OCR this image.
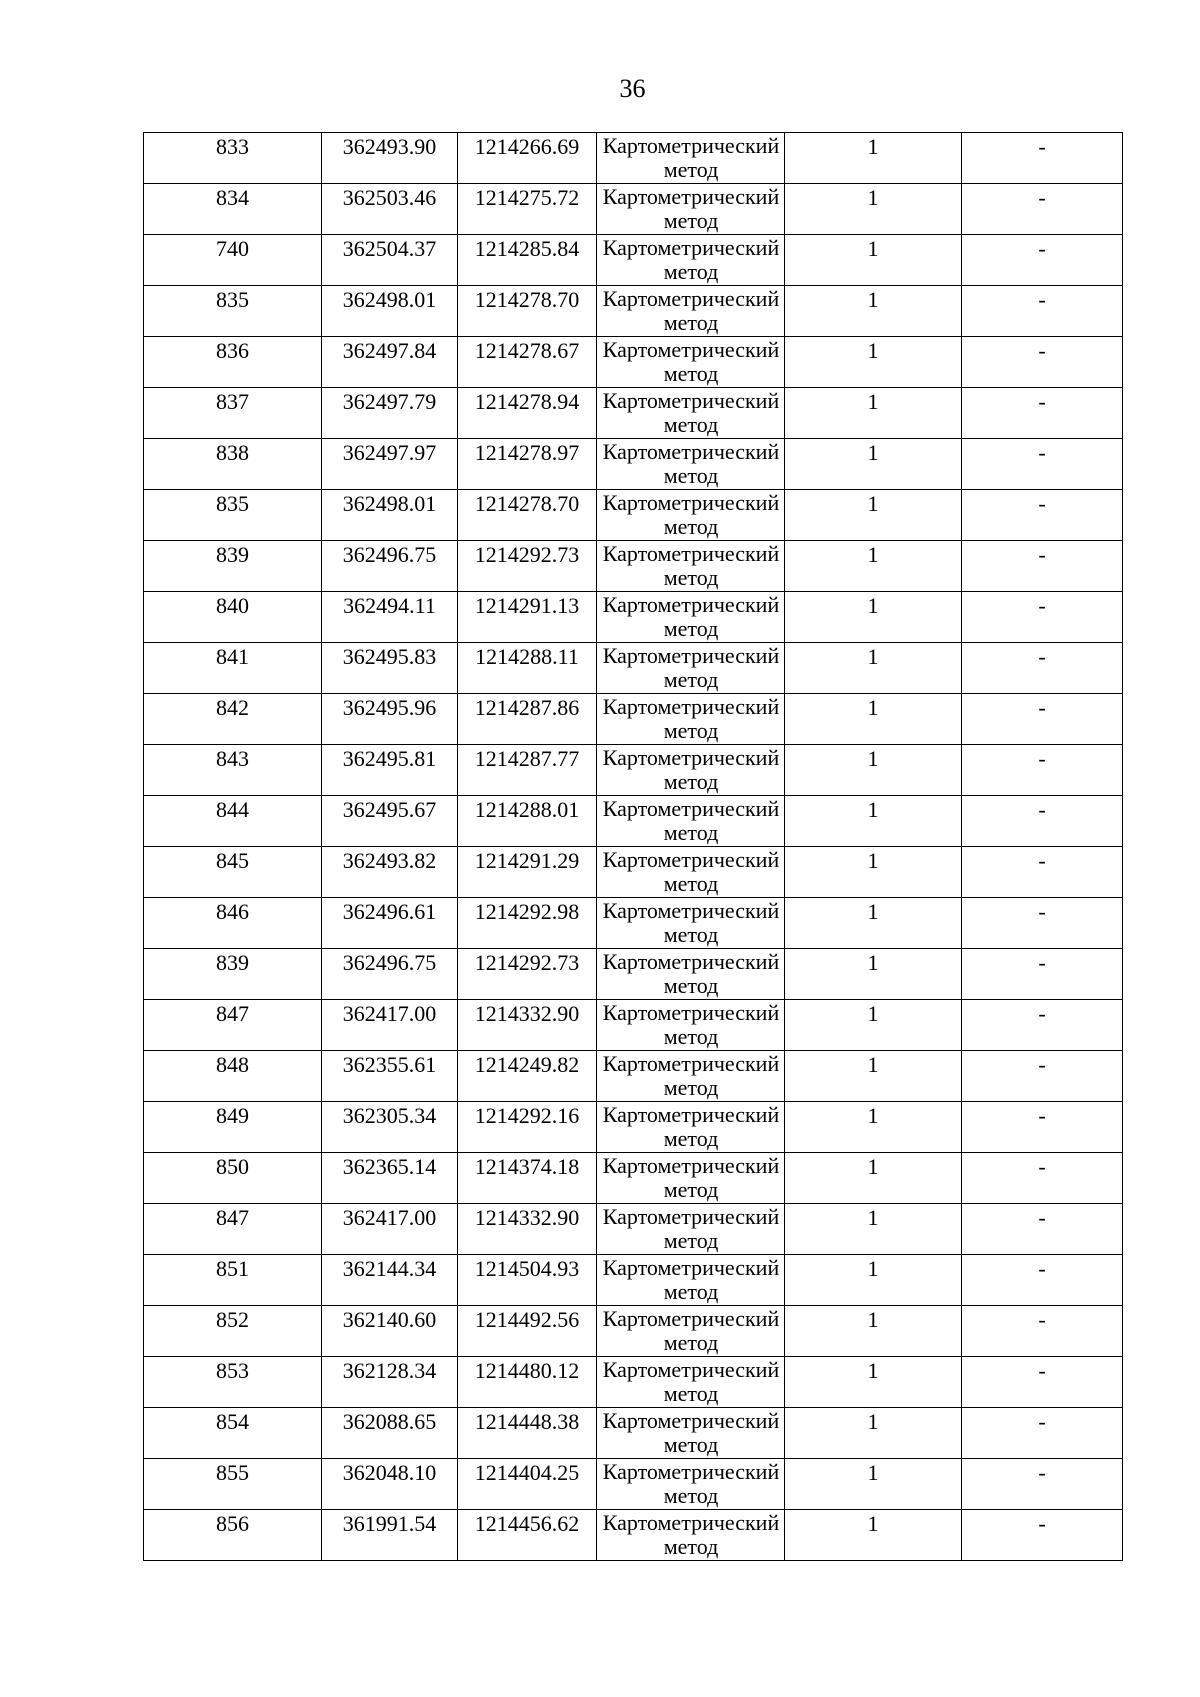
36
833	362493.90	1214266.69	Картометрический метод	1	-

834	362503.46	1214275.72	Картометрический метод	1	-

740	362504.37	1214285.84	Картометрический метод	1	-

835	362498.01	1214278.70	Картометрический метод	1	-

836	362497.84	1214278.67	Картометрический метод	1	-

837	362497.79	1214278.94	Картометрический метод	1	-

838	362497.97	1214278.97	Картометрический метод	1	-

835	362498.01	1214278.70	Картометрический метод	1	-

839	362496.75	1214292.73	Картометрический метод	1	-

840	362494.11	1214291.13	Картометрический метод	1	-

841	362495.83	1214288.11	Картометрический метод	1	-

842	362495.96	1214287.86	Картометрический метод	1	-

843	362495.81	1214287.77	Картометрический метод	1	-

844	362495.67	1214288.01	Картометрический метод	1	-

845	362493.82	1214291.29	Картометрический метод	1	-

846	362496.61	1214292.98	Картометрический метод	1	-

839	362496.75	1214292.73	Картометрический метод	1	-

847	362417.00	1214332.90	Картометрический метод	1	-

848	362355.61	1214249.82	Картометрический метод	1	-

849	362305.34	1214292.16	Картометрический метод	1	-

850	362365.14	1214374.18	Картометрический метод	1	-

847	362417.00	1214332.90	Картометрический метод	1	-

851	362144.34	1214504.93	Картометрический метод	1	-

852	362140.60	1214492.56	Картометрический метод	1	-

853	362128.34	1214480.12	Картометрический метод	1	-

854	362088.65	1214448.38	Картометрический метод	1	-

855	362048.10	1214404.25	Картометрический метод	1	-

856	361991.54	1214456.62	Картометрический метод	1	-
